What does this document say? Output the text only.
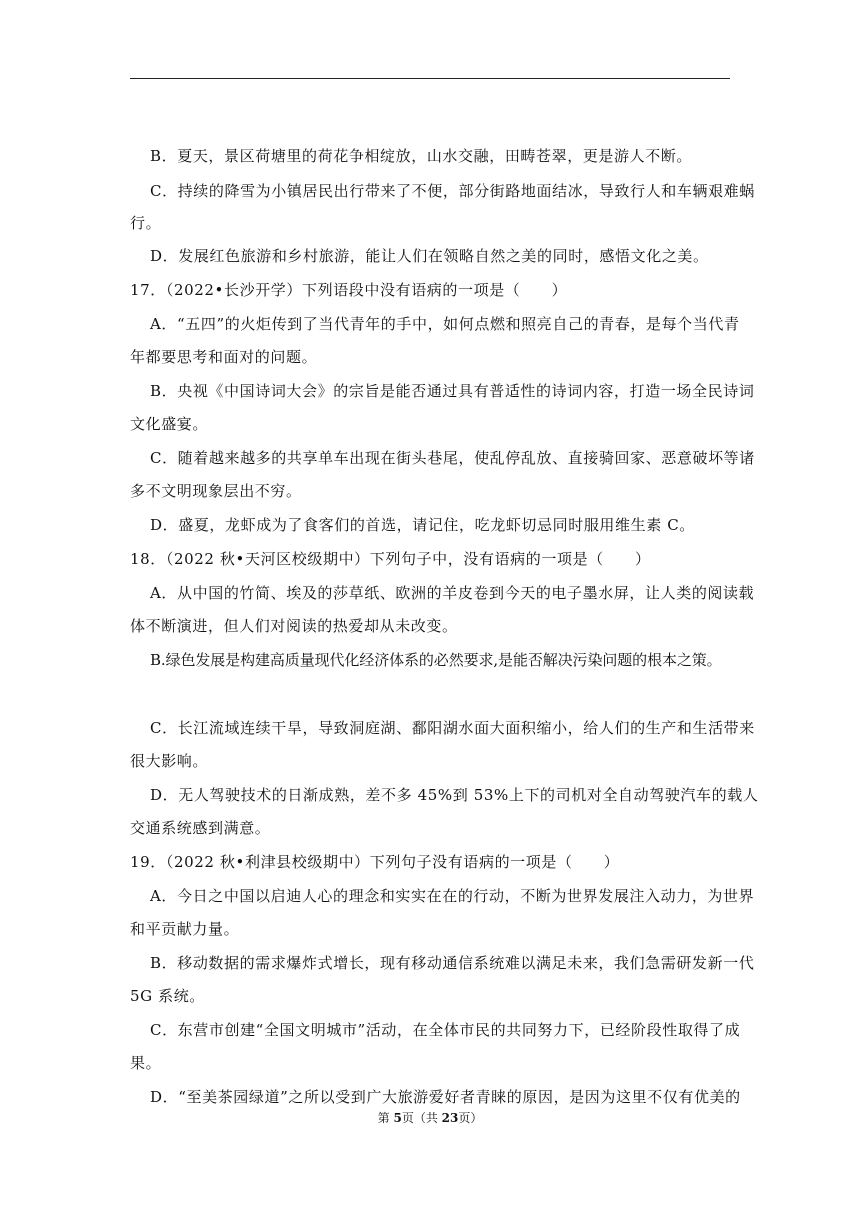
B．夏天，景区荷塘里的荷花争相绽放，山水交融，田畴苍翠，更是游人不断。
C．持续的降雪为小镇居民出行带来了不便，部分街路地面结冰，导致行人和车辆艰难蜗
行。
D．发展红色旅游和乡村旅游，能让人们在领略自然之美的同时，感悟文化之美。
17．（2022•长沙开学）下列语段中没有语病的一项是（　　）
A．“五四”的火炬传到了当代青年的手中，如何点燃和照亮自己的青春，是每个当代青
年都要思考和面对的问题。
B．央视《中国诗词大会》的宗旨是能否通过具有普适性的诗词内容，打造一场全民诗词
文化盛宴。
C．随着越来越多的共享单车出现在街头巷尾，使乱停乱放、直接骑回家、恶意破坏等诸
多不文明现象层出不穷。
D．盛夏，龙虾成为了食客们的首选，请记住，吃龙虾切忌同时服用维生素 C。
18．（2022 秋•天河区校级期中）下列句子中，没有语病的一项是（　　）
A．从中国的竹简、埃及的莎草纸、欧洲的羊皮卷到今天的电子墨水屏，让人类的阅读载
体不断演进，但人们对阅读的热爱却从未改变。
B.绿色发展是构建高质量现代化经济体系的必然要求,是能否解决污染问题的根本之策。
C．长江流域连续干旱，导致洞庭湖、鄱阳湖水面大面积缩小，给人们的生产和生活带来
很大影响。
D．无人驾驶技术的日渐成熟，差不多 45%到 53%上下的司机对全自动驾驶汽车的载人
交通系统感到满意。
19．（2022 秋•利津县校级期中）下列句子没有语病的一项是（　　）
A．今日之中国以启迪人心的理念和实实在在的行动，不断为世界发展注入动力，为世界
和平贡献力量。
B．移动数据的需求爆炸式增长，现有移动通信系统难以满足未来，我们急需研发新一代
5G 系统。
C．东营市创建“全国文明城市”活动，在全体市民的共同努力下，已经阶段性取得了成
果。
D．“至美茶园绿道”之所以受到广大旅游爱好者青睐的原因，是因为这里不仅有优美的
第 5页（共 23页）
